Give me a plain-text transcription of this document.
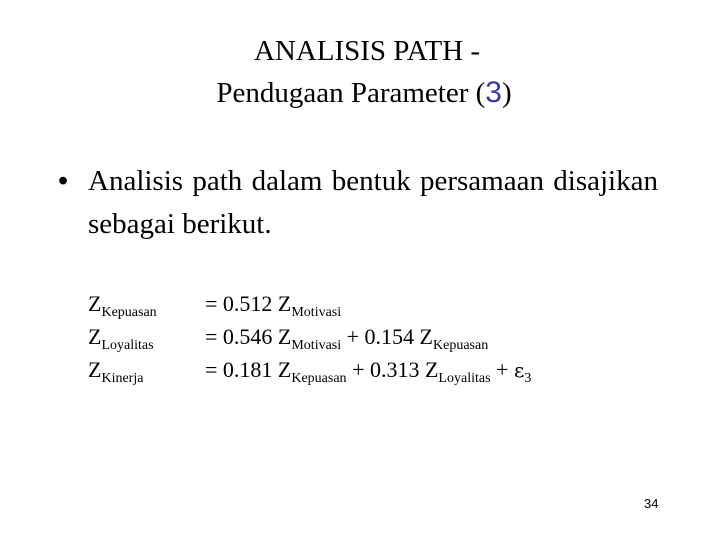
ANALISIS PATH -
Pendugaan Parameter (3)
• Analisis path dalam bentuk persamaan disajikan sebagai berikut.
$Z_{Kepuasan} = 0.512$ $Z_{Motivasi}$
$Z_{Loyalitas} = 0.546$ $Z_{Motivasi} + 0.154$ $Z_{Kepuasan}$
$Z_{Kinerja}$	= 0.181 $Z_{Kepuasan} + 0.313$ $Z_{Loyalitas} + \varepsilon_3$
34
